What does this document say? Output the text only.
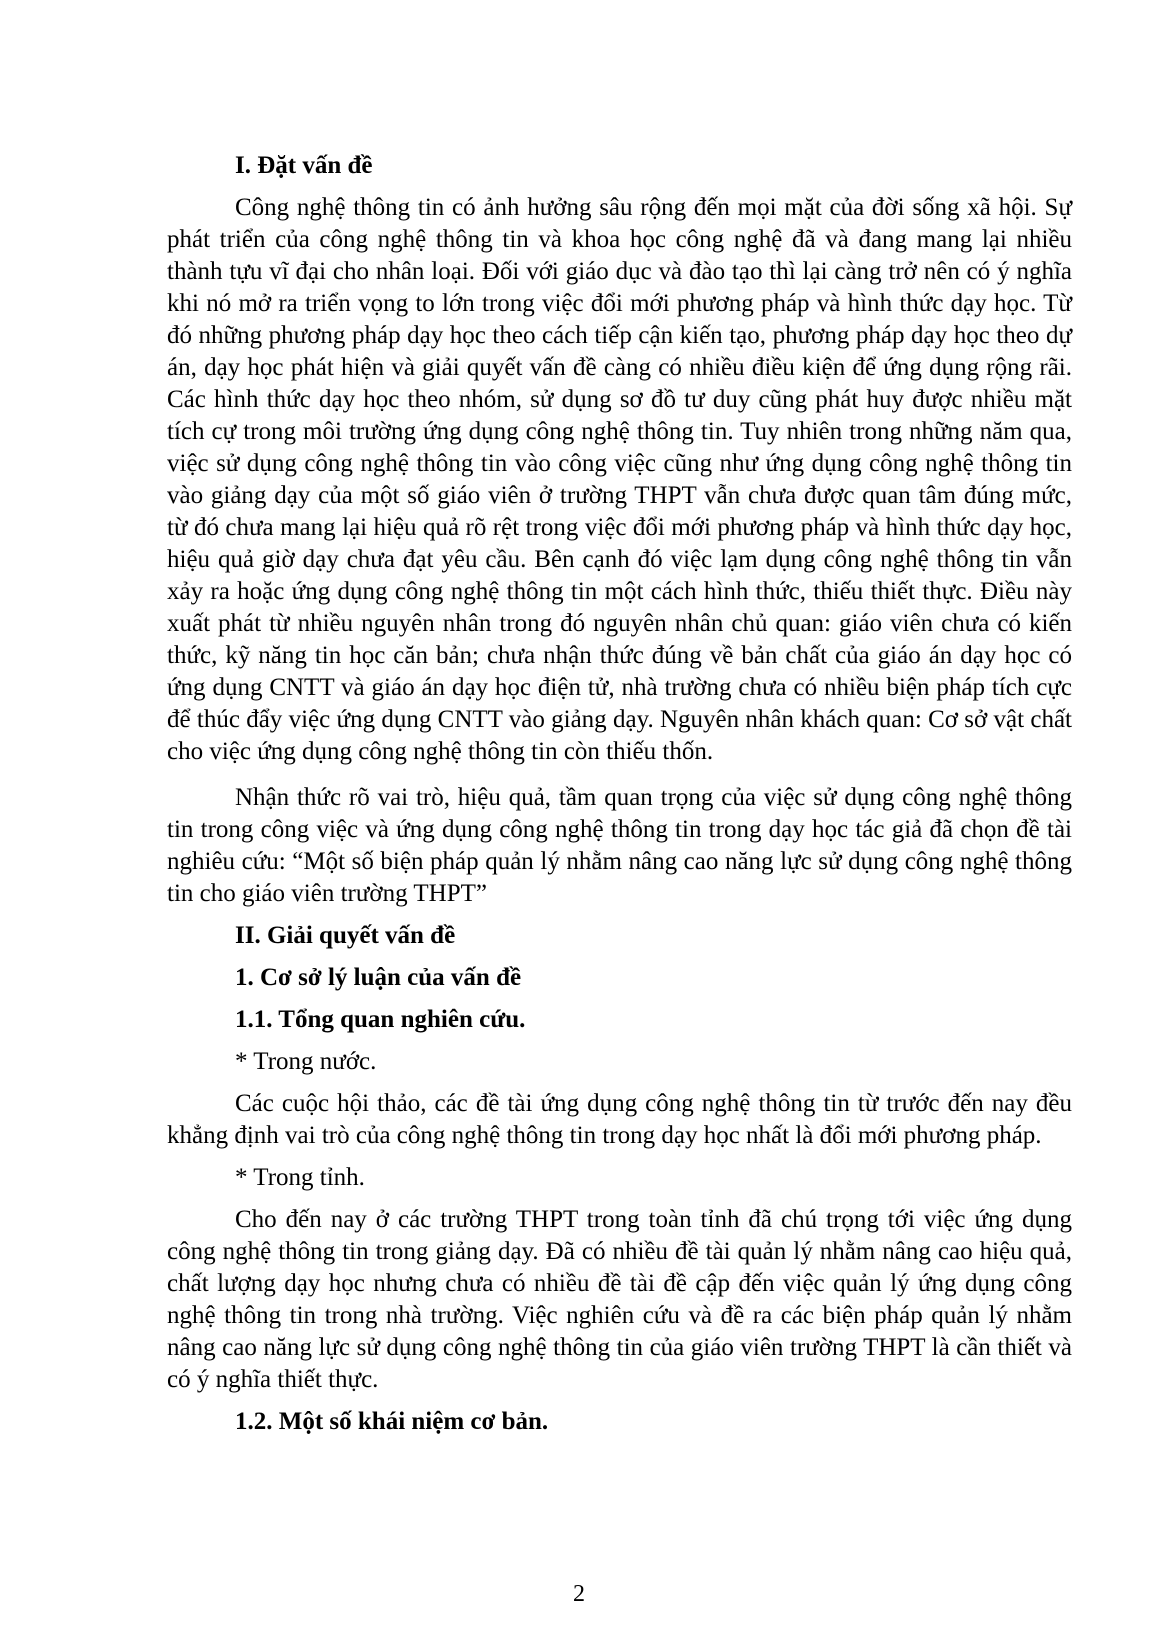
I. Đặt vấn đề

Công nghệ thông tin có ảnh hưởng sâu rộng đến mọi mặt của đời sống xã hội. Sự phát triển của công nghệ thông tin và khoa học công nghệ đã và đang mang lại nhiều thành tựu vĩ đại cho nhân loại. Đối với giáo dục và đào tạo thì lại càng trở nên có ý nghĩa khi nó mở ra triển vọng to lớn trong việc đổi mới phương pháp và hình thức dạy học. Từ đó những phương pháp dạy học theo cách tiếp cận kiến tạo, phương pháp dạy học theo dự án, dạy học phát hiện và giải quyết vấn đề càng có nhiều điều kiện để ứng dụng rộng rãi. Các hình thức dạy học theo nhóm, sử dụng sơ đồ tư duy cũng phát huy được nhiều mặt tích cự trong môi trường ứng dụng công nghệ thông tin. Tuy nhiên trong những năm qua, việc sử dụng công nghệ thông tin vào công việc cũng như ứng dụng công nghệ thông tin vào giảng dạy của một số giáo viên ở trường THPT vẫn chưa được quan tâm đúng mức, từ đó chưa mang lại hiệu quả rõ rệt trong việc đổi mới phương pháp và hình thức dạy học, hiệu quả giờ dạy chưa đạt yêu cầu. Bên cạnh đó việc lạm dụng công nghệ thông tin vẫn xảy ra hoặc ứng dụng công nghệ thông tin một cách hình thức, thiếu thiết thực. Điều này xuất phát từ nhiều nguyên nhân trong đó nguyên nhân chủ quan: giáo viên chưa có kiến thức, kỹ năng tin học căn bản; chưa nhận thức đúng về bản chất của giáo án dạy học có ứng dụng CNTT và giáo án dạy học điện tử, nhà trường chưa có nhiều biện pháp tích cực để thúc đẩy việc ứng dụng CNTT vào giảng dạy. Nguyên nhân khách quan: Cơ sở vật chất cho việc ứng dụng công nghệ thông tin còn thiếu thốn.

Nhận thức rõ vai trò, hiệu quả, tầm quan trọng của việc sử dụng công nghệ thông tin trong công việc và ứng dụng công nghệ thông tin trong dạy học tác giả đã chọn đề tài nghiêu cứu: “Một số biện pháp quản lý nhằm nâng cao năng lực sử dụng công nghệ thông tin cho giáo viên trường THPT”

II. Giải quyết vấn đề
1. Cơ sở lý luận của vấn đề
1.1. Tổng quan nghiên cứu.
* Trong nước.

Các cuộc hội thảo, các đề tài ứng dụng công nghệ thông tin từ trước đến nay đều khẳng định vai trò của công nghệ thông tin trong dạy học nhất là đổi mới phương pháp.

* Trong tỉnh.

Cho đến nay ở các trường THPT trong toàn tỉnh đã chú trọng tới việc ứng dụng công nghệ thông tin trong giảng dạy. Đã có nhiều đề tài quản lý nhằm nâng cao hiệu quả, chất lượng dạy học nhưng chưa có nhiều đề tài đề cập đến việc quản lý ứng dụng công nghệ thông tin trong nhà trường. Việc nghiên cứu và đề ra các biện pháp quản lý nhằm nâng cao năng lực sử dụng công nghệ thông tin của giáo viên trường THPT là cần thiết và có ý nghĩa thiết thực.

1.2. Một số khái niệm cơ bản.
2
